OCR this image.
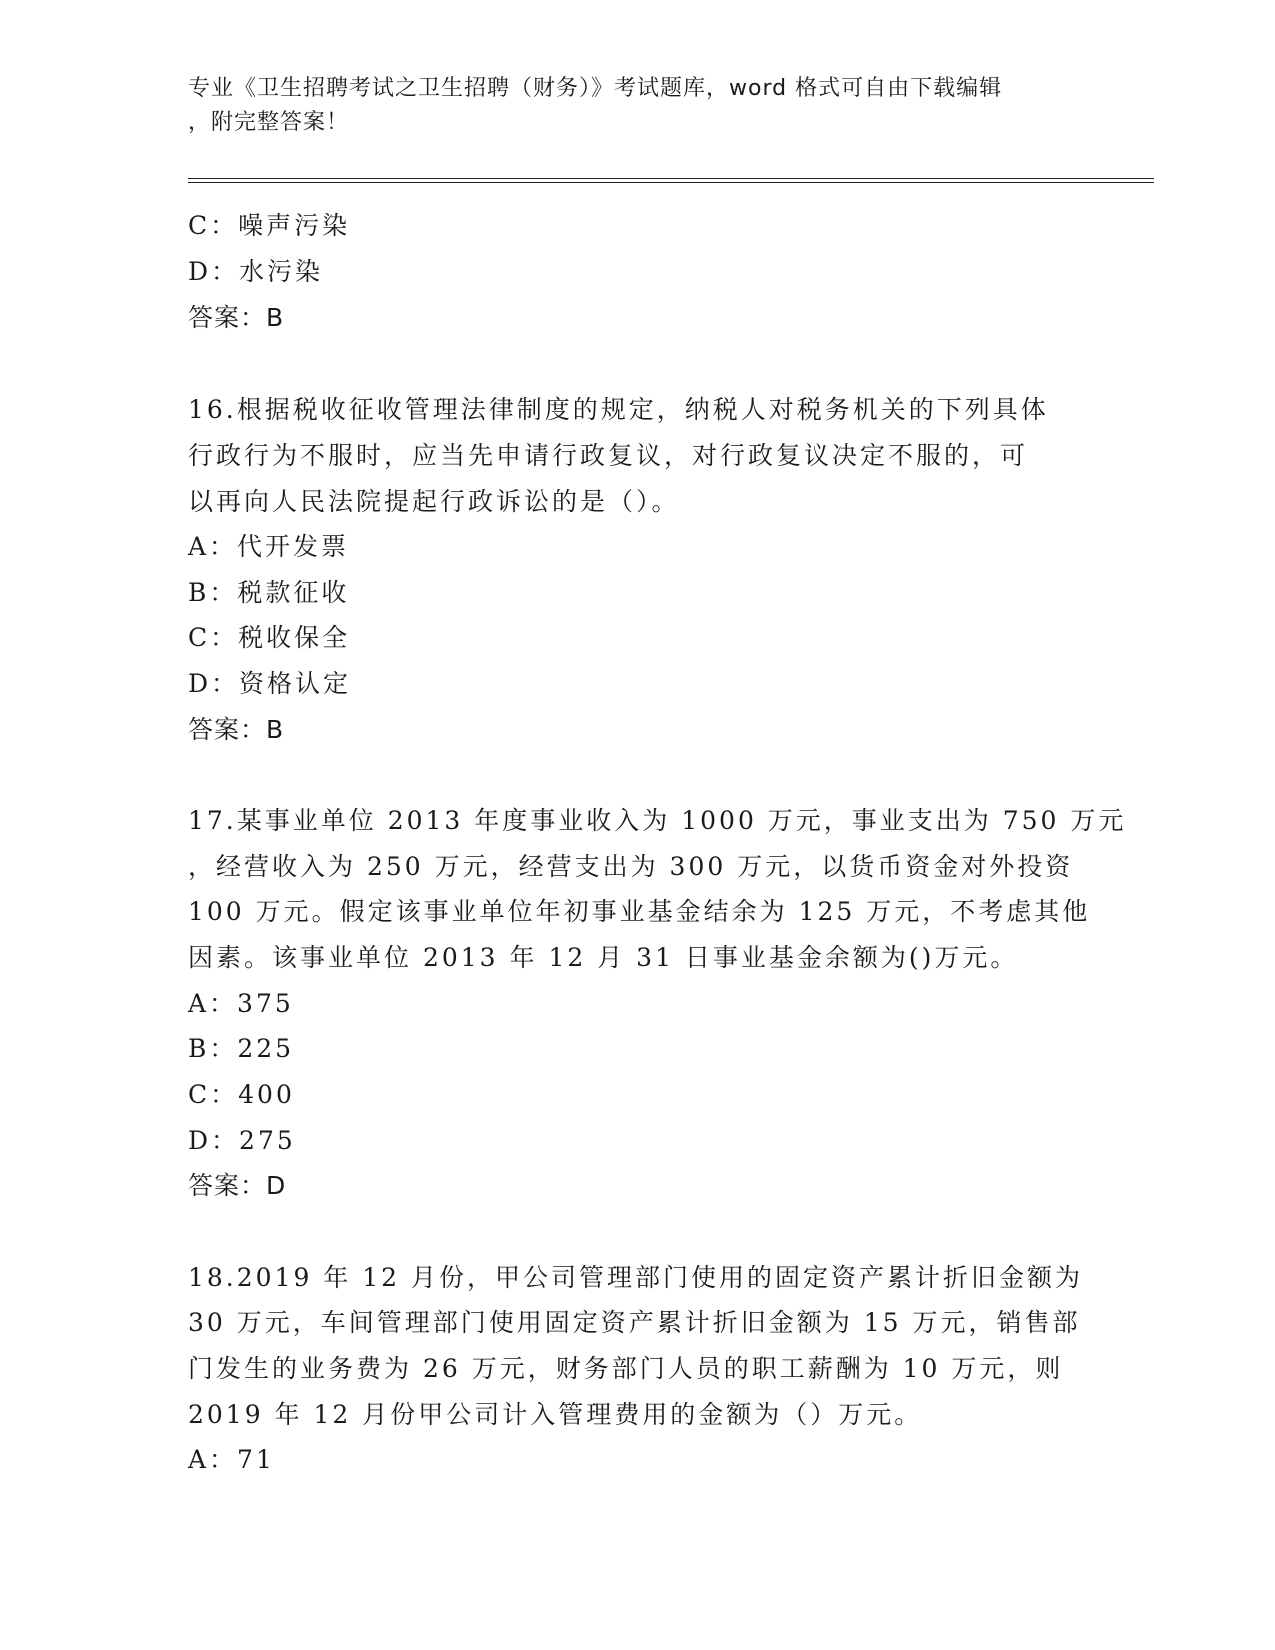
专业《卫生招聘考试之卫生招聘（财务）》考试题库，word 格式可自由下载编辑
，附完整答案！
C：噪声污染
D：水污染
答案：B
16.根据税收征收管理法律制度的规定，纳税人对税务机关的下列具体
行政行为不服时，应当先申请行政复议，对行政复议决定不服的，可
以再向人民法院提起行政诉讼的是（）。
A：代开发票
B：税款征收
C：税收保全
D：资格认定
答案：B
17.某事业单位 2013 年度事业收入为 1000 万元，事业支出为 750 万元
，经营收入为 250 万元，经营支出为 300 万元，以货币资金对外投资
100 万元。假定该事业单位年初事业基金结余为 125 万元，不考虑其他
因素。该事业单位 2013 年 12 月 31 日事业基金余额为()万元。
A：375
B：225
C：400
D：275
答案：D
18.2019 年 12 月份，甲公司管理部门使用的固定资产累计折旧金额为
30 万元，车间管理部门使用固定资产累计折旧金额为 15 万元，销售部
门发生的业务费为 26 万元，财务部门人员的职工薪酬为 10 万元，则
2019 年 12 月份甲公司计入管理费用的金额为（）万元。
A：71
